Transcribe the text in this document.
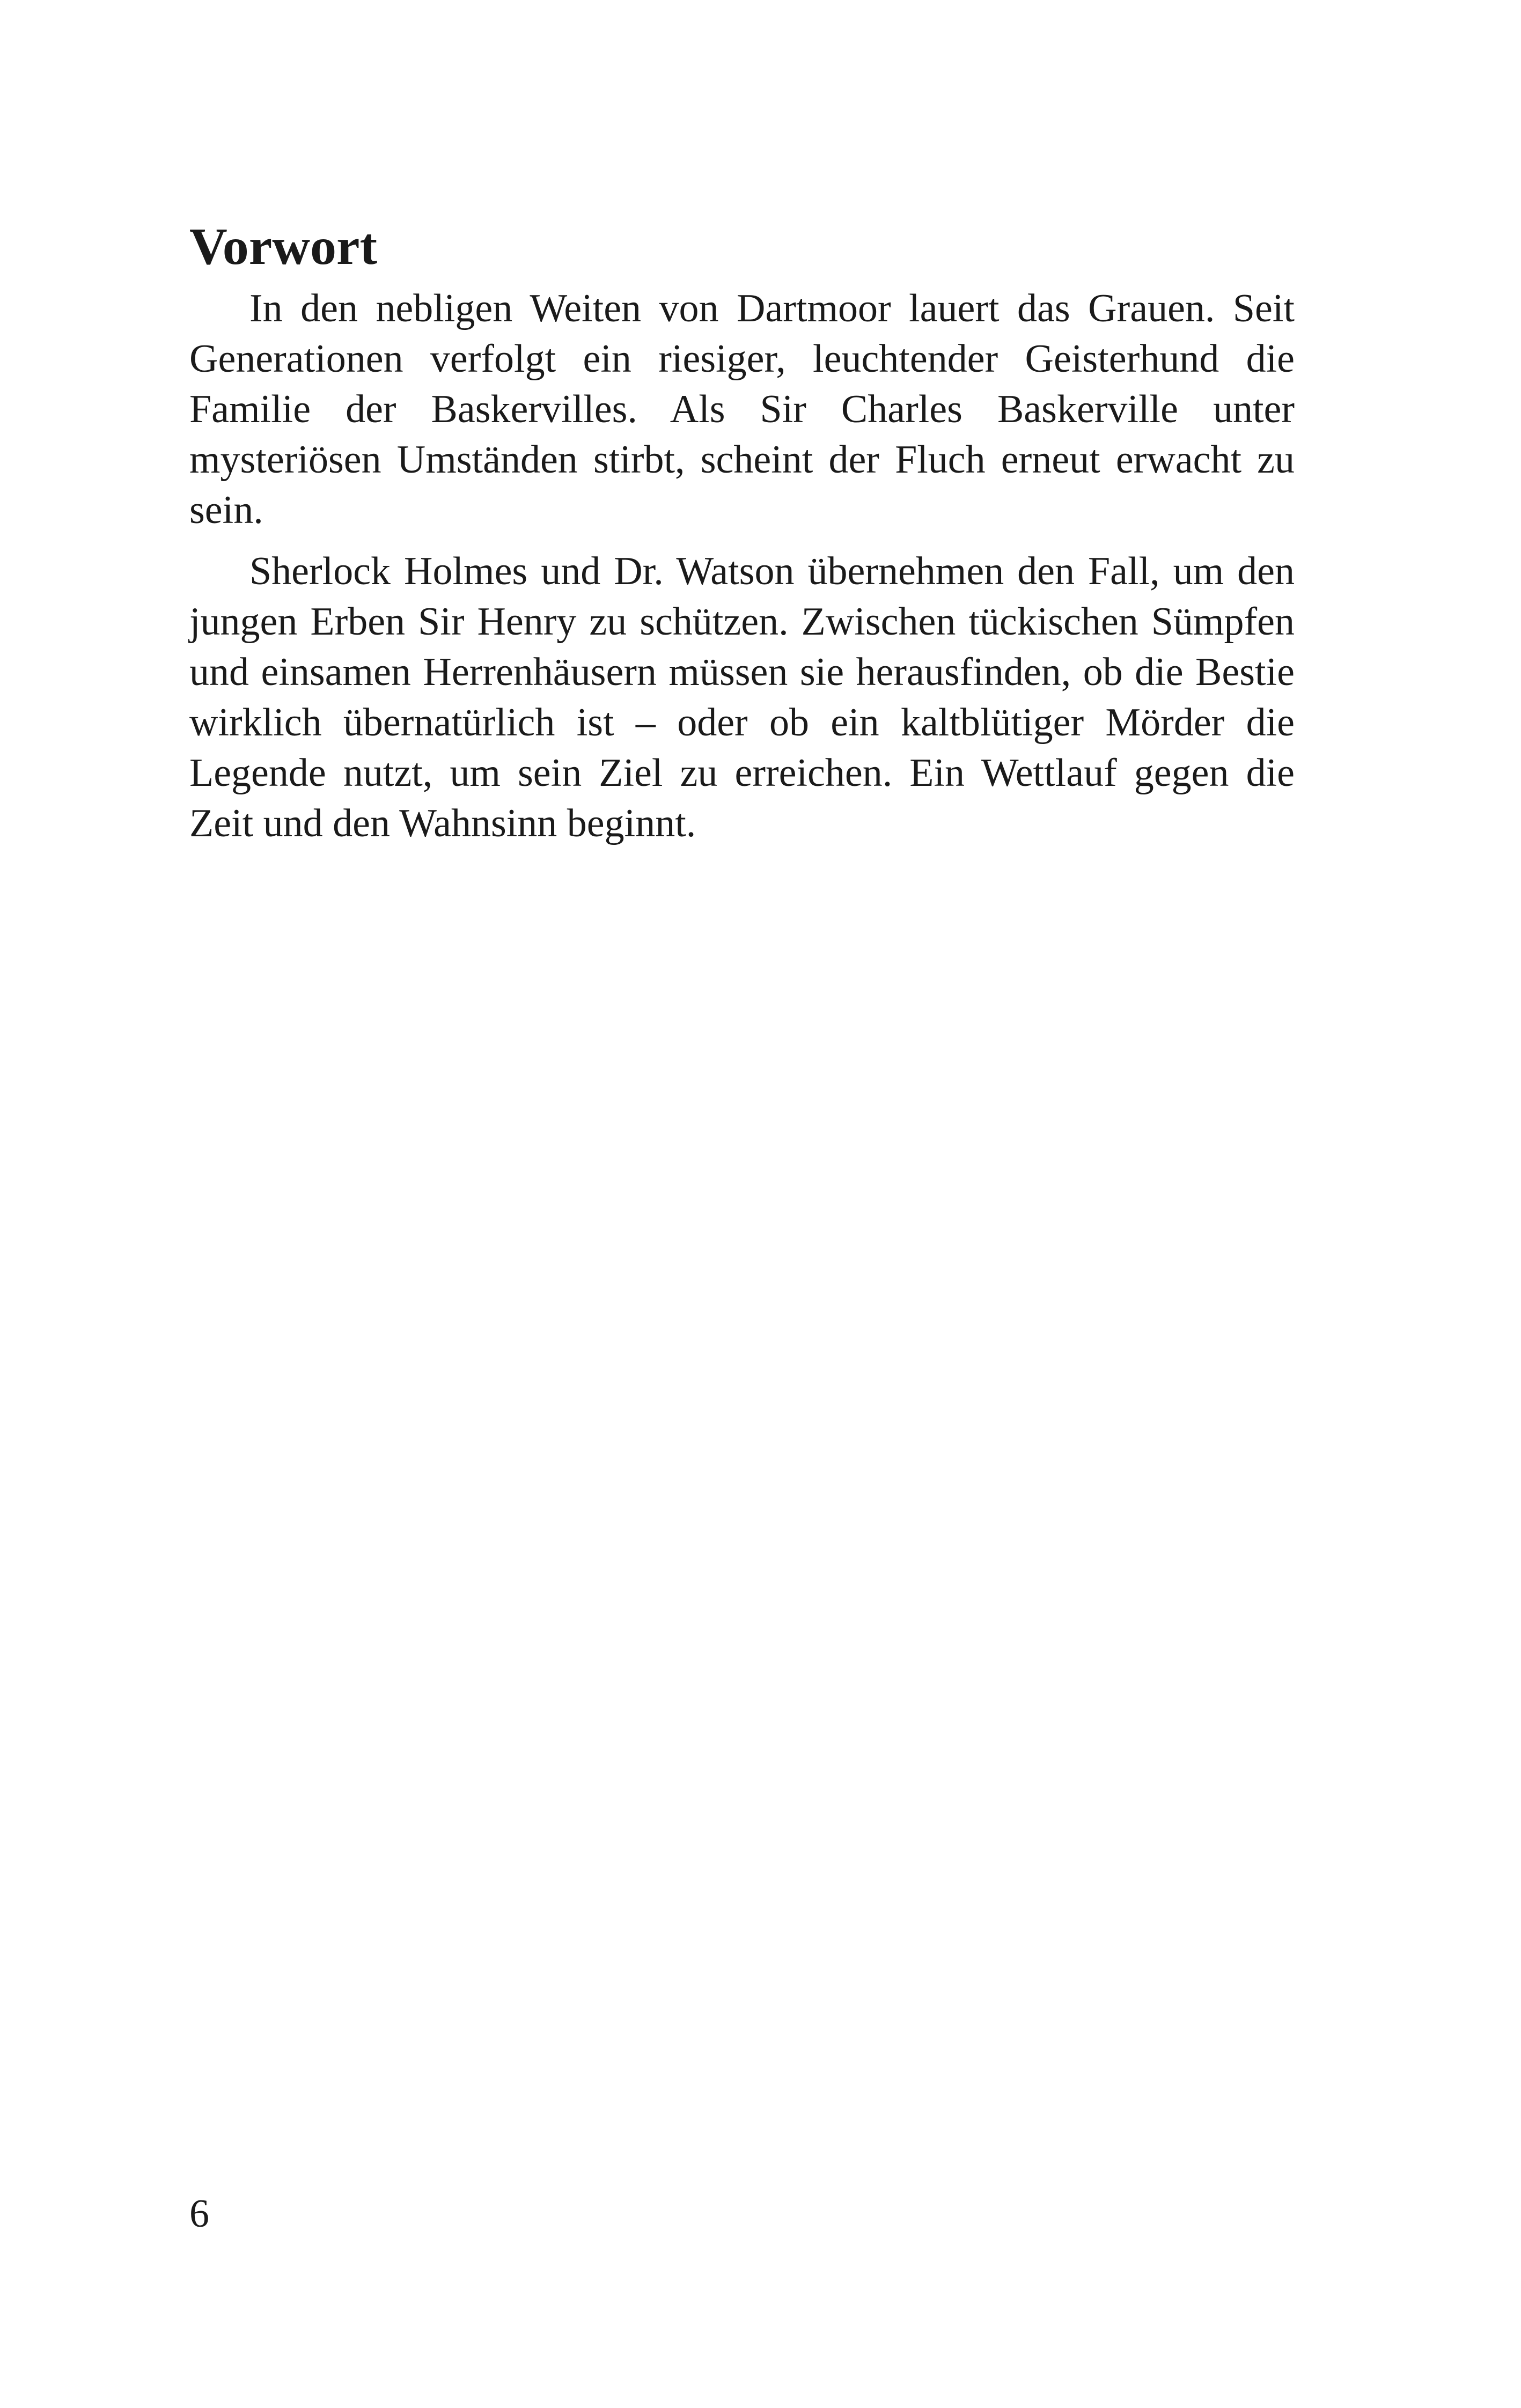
Vorwort

In den nebligen Weiten von Dartmoor lauert das Grauen. Seit Generationen verfolgt ein riesiger, leuchtender Geisterhund die Familie der Baskervilles. Als Sir Charles Baskerville unter mysteriösen Umständen stirbt, scheint der Fluch erneut erwacht zu sein.

Sherlock Holmes und Dr. Watson übernehmen den Fall, um den jungen Erben Sir Henry zu schützen. Zwischen tückischen Sümpfen und einsamen Herrenhäusern müssen sie herausfinden, ob die Bestie wirklich übernatürlich ist – oder ob ein kaltblütiger Mörder die Legende nutzt, um sein Ziel zu erreichen. Ein Wettlauf gegen die Zeit und den Wahnsinn beginnt.

6
